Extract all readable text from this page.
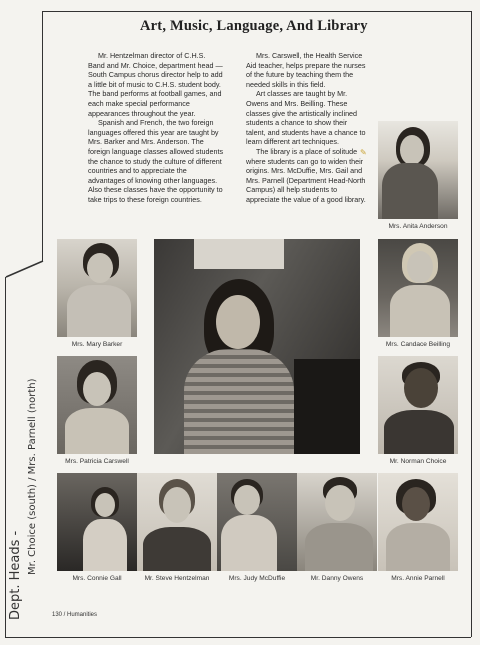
Art, Music, Language, And Library

Mr. Hentzelman director of C.H.S. Band and Mr. Choice, department head — South Campus chorus director help to add a little bit of music to C.H.S. student body. The band performs at football games, and each make special performance appearances throughout the year.

Spanish and French, the two foreign languages offered this year are taught by Mrs. Barker and Mrs. Anderson. The foreign language classes allowed students the chance to study the culture of different countries and to appreciate the advantages of knowing other languages. Also these classes have the opportunity to take trips to these foreign countries.

Mrs. Carswell, the Health Service Aid teacher, helps prepare the nurses of the future by teaching them the needed skills in this field.

Art classes are taught by Mr. Owens and Mrs. Beilling. These classes give the artistically inclined students a chance to show their talent, and students have a chance to learn different art techniques.

The library is a place of solitude where students can go to widen their origins. Mrs. McDuffie, Mrs. Gail and Mrs. Parnell (Department Head-North Campus) all help students to appreciate the value of a good library.

✎
Mrs. Anita Anderson
Mrs. Mary Barker	Mrs. Candace Beilling
Mrs. Patricia Carswell	Mr. Norman Choice
Mrs. Connie Gall	Mr. Steve Hentzelman	Mrs. Judy McDuffie	Mr. Danny Owens	Mrs. Annie Parnell
Dept. Heads -
Mr. Choice (south) / Mrs. Parnell (north)
130 / Humanities
